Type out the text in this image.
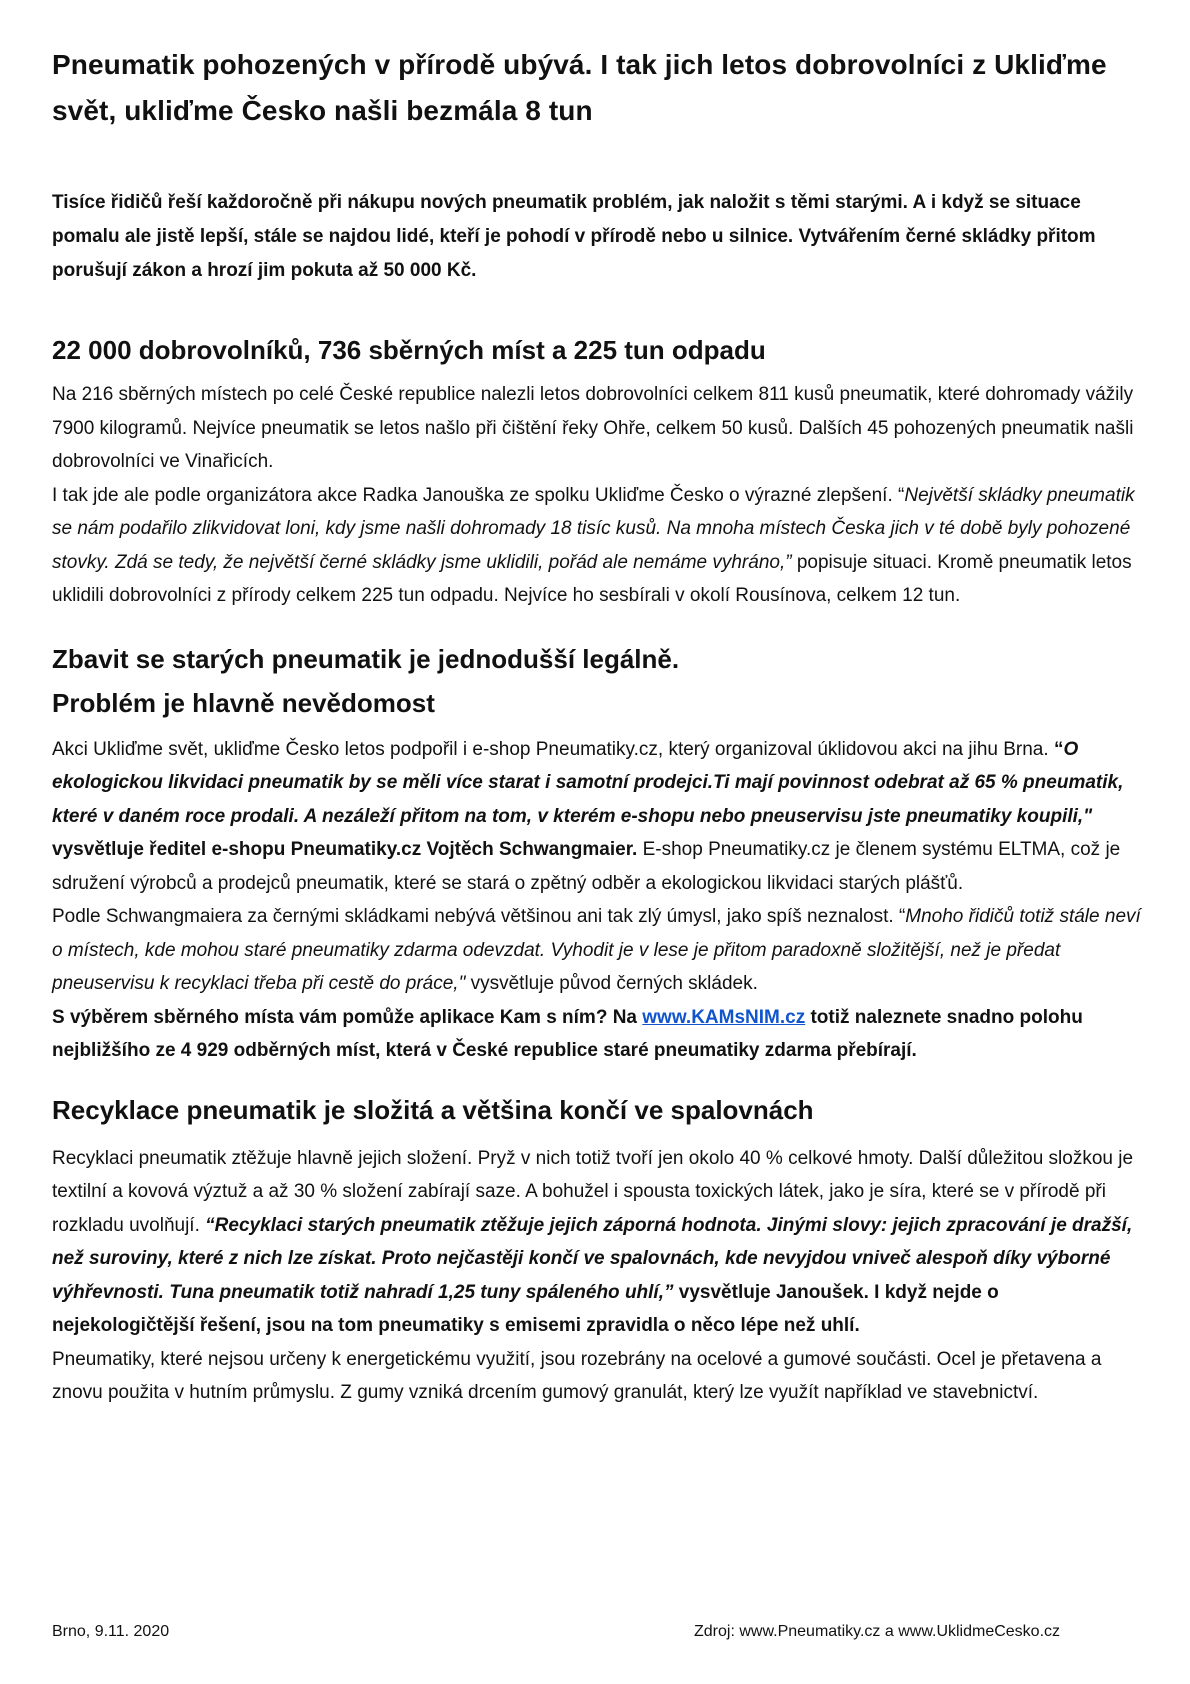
Pneumatik pohozených v přírodě ubývá. I tak jich letos dobrovolníci z Ukliďme svět, ukliďme Česko našli bezmála 8 tun

Tisíce řidičů řeší každoročně při nákupu nových pneumatik problém, jak naložit s těmi starými. A i když se situace pomalu ale jistě lepší, stále se najdou lidé, kteří je pohodí v přírodě nebo u silnice. Vytvářením černé skládky přitom porušují zákon a hrozí jim pokuta až 50 000 Kč.

22 000 dobrovolníků, 736 sběrných míst a 225 tun odpadu

Na 216 sběrných místech po celé České republice nalezli letos dobrovolníci celkem 811 kusů pneumatik, které dohromady vážily 7900 kilogramů. Nejvíce pneumatik se letos našlo při čištění řeky Ohře, celkem 50 kusů. Dalších 45 pohozených pneumatik našli dobrovolníci ve Vinařicích.

I tak jde ale podle organizátora akce Radka Janouška ze spolku Ukliďme Česko o výrazné zlepšení. “Největší skládky pneumatik se nám podařilo zlikvidovat loni, kdy jsme našli dohromady 18 tisíc kusů. Na mnoha místech Česka jich v té době byly pohozené stovky. Zdá se tedy, že největší černé skládky jsme uklidili, pořád ale nemáme vyhráno,” popisuje situaci. Kromě pneumatik letos uklidili dobrovolníci z přírody celkem 225 tun odpadu. Nejvíce ho sesbírali v okolí Rousínova, celkem 12 tun.

Zbavit se starých pneumatik je jednodušší legálně.
Problém je hlavně nevědomost

Akci Ukliďme svět, ukliďme Česko letos podpořil i e-shop Pneumatiky.cz, který organizoval úklidovou akci na jihu Brna. “O ekologickou likvidaci pneumatik by se měli více starat i samotní prodejci.Ti mají povinnost odebrat až 65 % pneumatik, které v daném roce prodali. A nezáleží přitom na tom, v kterém e-shopu nebo pneuservisu jste pneumatiky koupili," vysvětluje ředitel e-shopu Pneumatiky.cz Vojtěch Schwangmaier. E-shop Pneumatiky.cz je členem systému ELTMA, což je sdružení výrobců a prodejců pneumatik, které se stará o zpětný odběr a ekologickou likvidaci starých plášťů.

Podle Schwangmaiera za černými skládkami nebývá většinou ani tak zlý úmysl, jako spíš neznalost. “Mnoho řidičů totiž stále neví o místech, kde mohou staré pneumatiky zdarma odevzdat. Vyhodit je v lese je přitom paradoxně složitější, než je předat pneuservisu k recyklaci třeba při cestě do práce," vysvětluje původ černých skládek.

S výběrem sběrného místa vám pomůže aplikace Kam s ním? Na www.KAMsNIM.cz totiž naleznete snadno polohu nejbližšího ze 4 929 odběrných míst, která v České republice staré pneumatiky zdarma přebírají.

Recyklace pneumatik je složitá a většina končí ve spalovnách

Recyklaci pneumatik ztěžuje hlavně jejich složení. Pryž v nich totiž tvoří jen okolo 40 % celkové hmoty. Další důležitou složkou je textilní a kovová výztuž a až 30 % složení zabírají saze. A bohužel i spousta toxických látek, jako je síra, které se v přírodě při rozkladu uvolňují. “Recyklaci starých pneumatik ztěžuje jejich záporná hodnota. Jinými slovy: jejich zpracování je dražší, než suroviny, které z nich lze získat. Proto nejčastěji končí ve spalovnách, kde nevyjdou vniveč alespoň díky výborné výhřevnosti. Tuna pneumatik totiž nahradí 1,25 tuny spáleného uhlí,” vysvětluje Janoušek. I když nejde o nejekologičtější řešení, jsou na tom pneumatiky s emisemi zpravidla o něco lépe než uhlí.

Pneumatiky, které nejsou určeny k energetickému využití, jsou rozebrány na ocelové a gumové součásti. Ocel je přetavena a znovu použita v hutním průmyslu. Z gumy vzniká drcením gumový granulát, který lze využít například ve stavebnictví.

Brno, 9.11. 2020	Zdroj: www.Pneumatiky.cz a www.UklidmeCesko.cz
